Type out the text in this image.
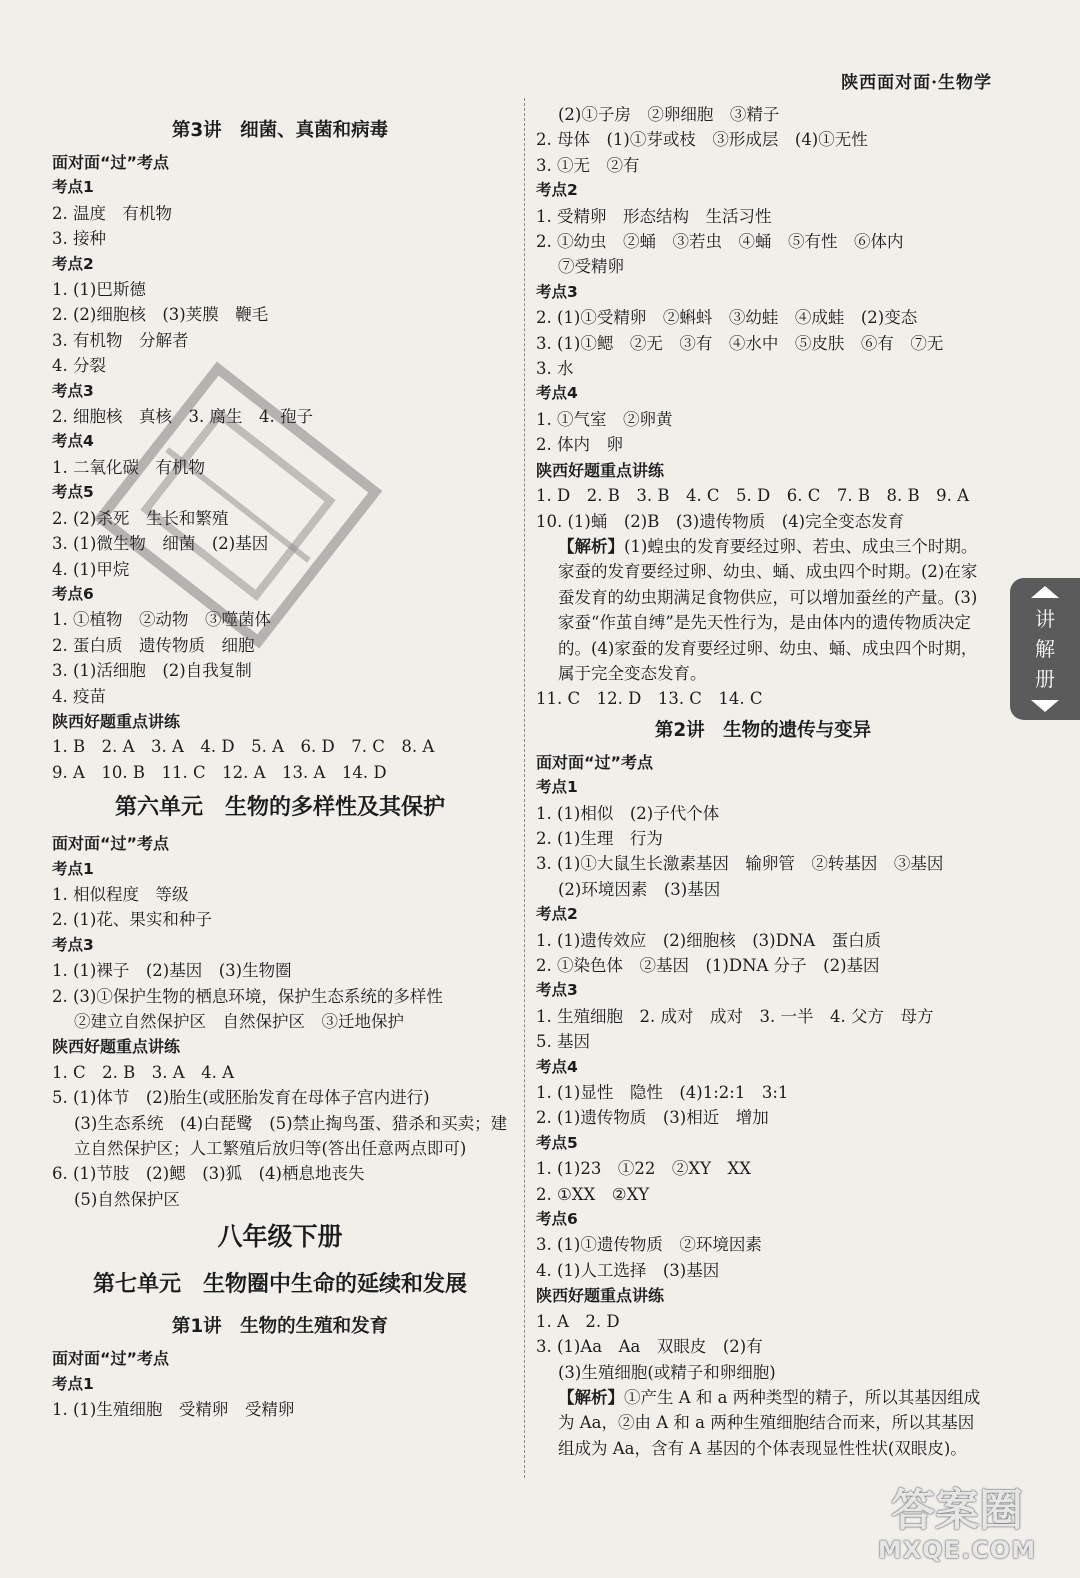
陕西面对面·生物学
第3讲　细菌、真菌和病毒
面对面“过”考点
考点1
2. 温度　有机物
3. 接种
考点2
1. (1)巴斯德
2. (2)细胞核　(3)荚膜　鞭毛
3. 有机物　分解者
4. 分裂
考点3
2. 细胞核　真核　3. 腐生　4. 孢子
考点4
1. 二氧化碳　有机物
考点5
2. (2)杀死　生长和繁殖
3. (1)微生物　细菌　(2)基因
4. (1)甲烷
考点6
1. ①植物　②动物　③噬菌体
2. 蛋白质　遗传物质　细胞
3. (1)活细胞　(2)自我复制
4. 疫苗
陕西好题重点讲练
1. B　2. A　3. A　4. D　5. A　6. D　7. C　8. A
9. A　10. B　11. C　12. A　13. A　14. D
第六单元　生物的多样性及其保护
面对面“过”考点
考点1
1. 相似程度　等级
2. (1)花、果实和种子
考点3
1. (1)裸子　(2)基因　(3)生物圈
2. (3)①保护生物的栖息环境，保护生态系统的多样性
②建立自然保护区　自然保护区　③迁地保护
陕西好题重点讲练
1. C　2. B　3. A　4. A
5. (1)体节　(2)胎生(或胚胎发育在母体子宫内进行)
(3)生态系统　(4)白琵鹭　(5)禁止掏鸟蛋、猎杀和买卖；建立自然保护区；人工繁殖后放归等(答出任意两点即可)
6. (1)节肢　(2)鳃　(3)狐　(4)栖息地丧失
(5)自然保护区
八年级下册
第七单元　生物圈中生命的延续和发展
第1讲　生物的生殖和发育
面对面“过”考点
考点1
1. (1)生殖细胞　受精卵　受精卵
(2)①子房　②卵细胞　③精子
2. 母体　(1)①芽或枝　③形成层　(4)①无性
3. ①无　②有
考点2
1. 受精卵　形态结构　生活习性
2. ①幼虫　②蛹　③若虫　④蛹　⑤有性　⑥体内
⑦受精卵
考点3
2. (1)①受精卵　②蝌蚪　③幼蛙　④成蛙　(2)变态
3. (1)①鳃　②无　③有　④水中　⑤皮肤　⑥有　⑦无
3. 水
考点4
1. ①气室　②卵黄
2. 体内　卵
陕西好题重点讲练
1. D　2. B　3. B　4. C　5. D　6. C　7. B　8. B　9. A
10. (1)蛹　(2)B　(3)遗传物质　(4)完全变态发育
【解析】(1)蝗虫的发育要经过卵、若虫、成虫三个时期。家蚕的发育要经过卵、幼虫、蛹、成虫四个时期。(2)在家蚕发育的幼虫期满足食物供应，可以增加蚕丝的产量。(3)家蚕“作茧自缚”是先天性行为，是由体内的遗传物质决定的。(4)家蚕的发育要经过卵、幼虫、蛹、成虫四个时期，属于完全变态发育。
11. C　12. D　13. C　14. C
第2讲　生物的遗传与变异
面对面“过”考点
考点1
1. (1)相似　(2)子代个体
2. (1)生理　行为
3. (1)①大鼠生长激素基因　输卵管　②转基因　③基因
(2)环境因素　(3)基因
考点2
1. (1)遗传效应　(2)细胞核　(3)DNA　蛋白质
2. ①染色体　②基因　(1)DNA 分子　(2)基因
考点3
1. 生殖细胞　2. 成对　成对　3. 一半　4. 父方　母方
5. 基因
考点4
1. (1)显性　隐性　(4)1:2:1　3:1
2. (1)遗传物质　(3)相近　增加
考点5
1. (1)23　①22　②XY　XX
2. ①XX　②XY
考点6
3. (1)①遗传物质　②环境因素
4. (1)人工选择　(3)基因
陕西好题重点讲练
1. A　2. D
3. (1)Aa　Aa　双眼皮　(2)有
(3)生殖细胞(或精子和卵细胞)
【解析】①产生 A 和 a 两种类型的精子，所以其基因组成为 Aa，②由 A 和 a 两种生殖细胞结合而来，所以其基因组成为 Aa，含有 A 基因的个体表现显性性状(双眼皮)。
讲
解
册
答案圈
MXQE.COM
